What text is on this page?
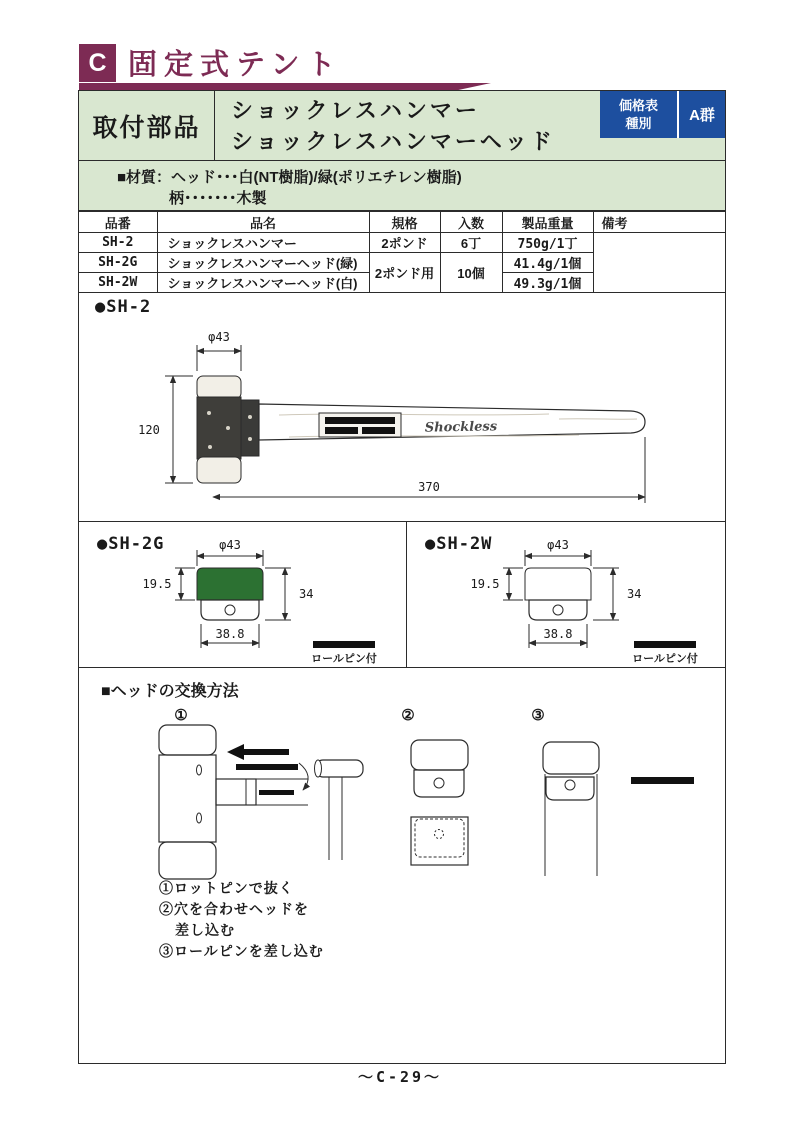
C 固定式テント
取付部品
ショックレスハンマー
ショックレスハンマーヘッド
価格表
種別	A群
■材質：ヘッド･･･白(NT樹脂)/緑(ポリエチレン樹脂)
柄･･･････木製
品番	品名	規格	入数	製品重量	備考
SH-2	ショックレスハンマー	2ポンド	6丁	750g/1丁	
SH-2G	ショックレスハンマーヘッド(緑)	2ポンド用	10個	41.4g/1個	
SH-2W	ショックレスハンマーヘッド(白)			49.3g/1個	
●SH-2
φ43
120	Shockless
370
●SH-2G	φ43
19.5
34
38.8
ロールピン付
●SH-2W	φ43
19.5
34
38.8
ロールピン付
■ヘッドの交換方法
①	②	③
①ロットピンで抜く
②穴を合わせヘッドを
差し込む
③ロールピンを差し込む
～C-29～
